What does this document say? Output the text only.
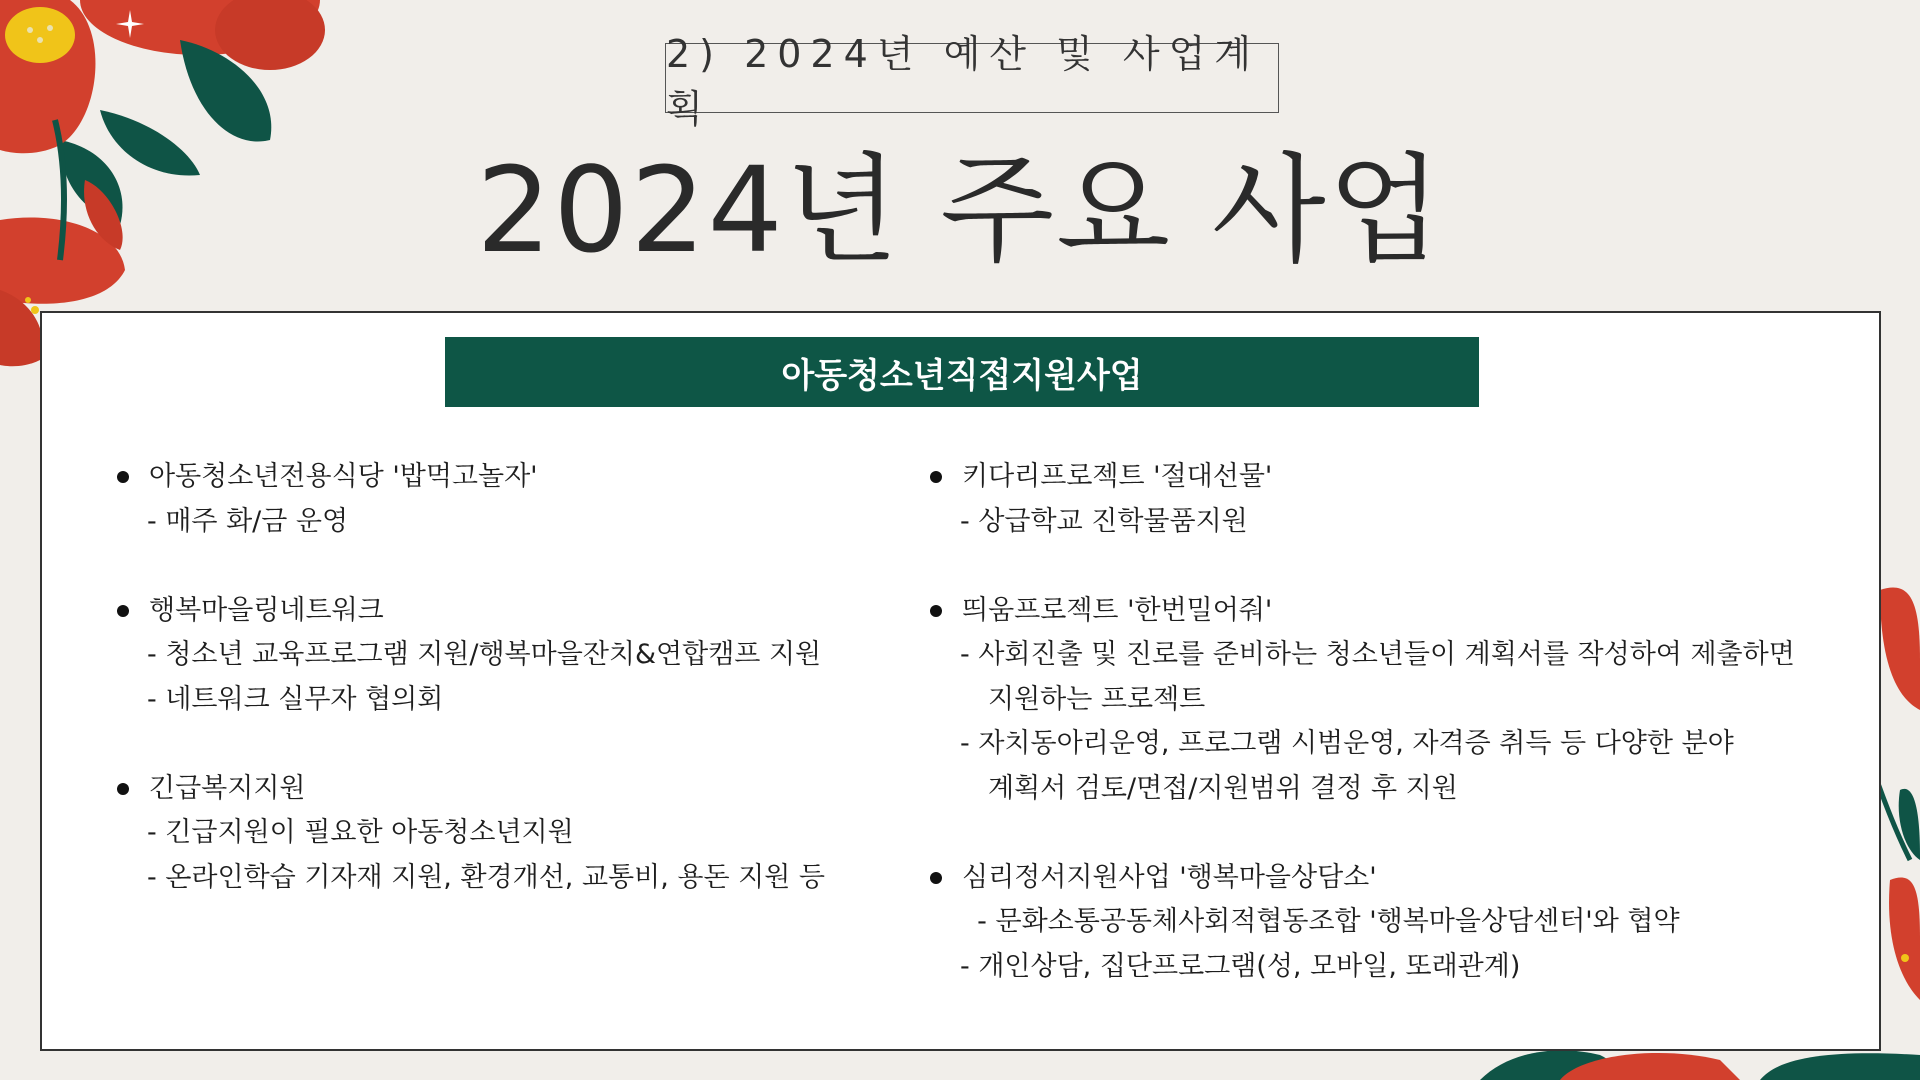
2) 2024년 예산 및 사업계획
2024년 주요 사업
아동청소년직접지원사업
아동청소년전용식당 '밥먹고놀자'
- 매주 화/금 운영
행복마을링네트워크
- 청소년 교육프로그램 지원/행복마을잔치&연합캠프 지원
- 네트워크 실무자 협의회
긴급복지지원
- 긴급지원이 필요한 아동청소년지원
- 온라인학습 기자재 지원, 환경개선, 교통비, 용돈 지원 등
키다리프로젝트 '절대선물'
- 상급학교 진학물품지원
띄움프로젝트 '한번밀어줘'
- 사회진출 및 진로를 준비하는 청소년들이 계획서를 작성하여 제출하면
지원하는 프로젝트
- 자치동아리운영, 프로그램 시범운영, 자격증 취득 등 다양한 분야
계획서 검토/면접/지원범위 결정 후 지원
심리정서지원사업 '행복마을상담소'
- 문화소통공동체사회적협동조합 '행복마을상담센터'와 협약
- 개인상담, 집단프로그램(성, 모바일, 또래관계)
